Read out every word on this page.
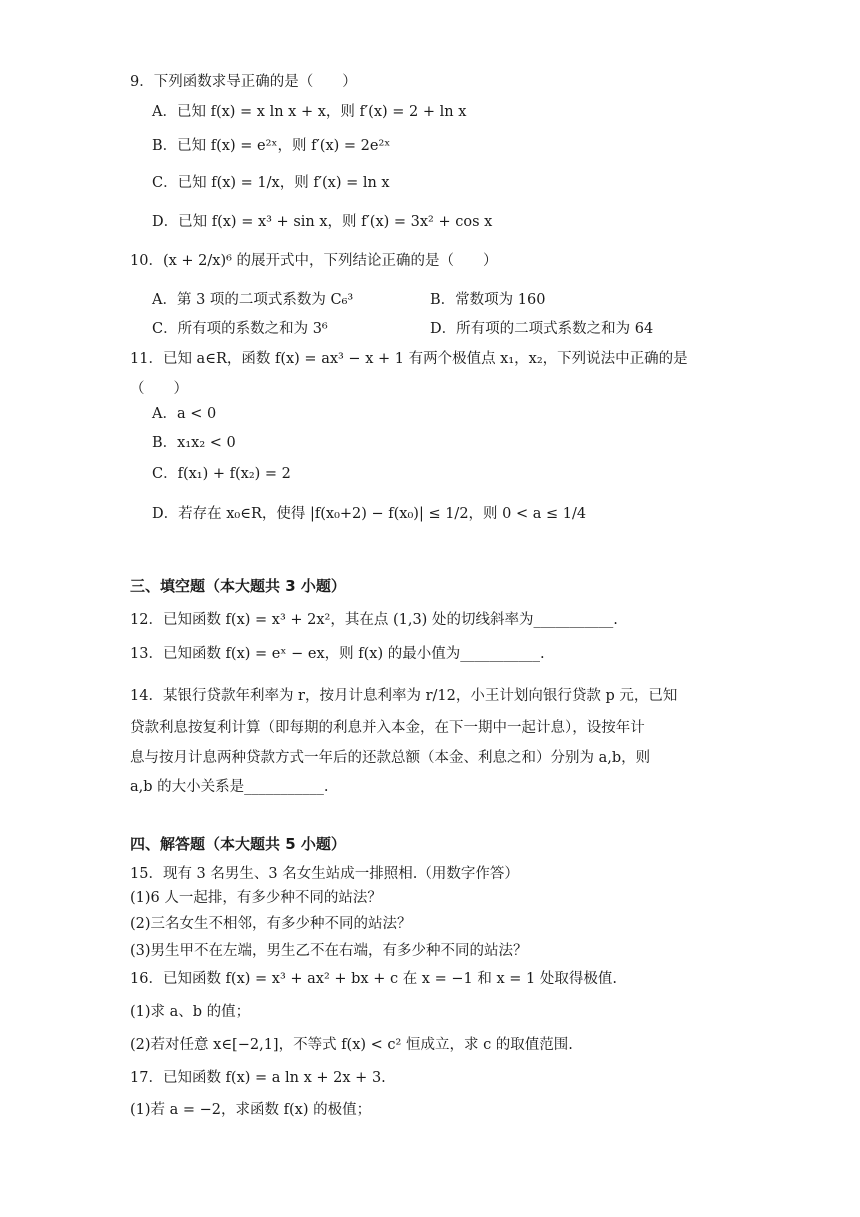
9．下列函数求导正确的是（　　）
A．已知 f(x) = x ln x + x，则 f′(x) = 2 + ln x
B．已知 f(x) = e²ˣ，则 f′(x) = 2e²ˣ
C．已知 f(x) = 1/x，则 f′(x) = ln x
D．已知 f(x) = x³ + sin x，则 f′(x) = 3x² + cos x
10．(x + 2/x)⁶ 的展开式中，下列结论正确的是（　　）
A．第 3 项的二项式系数为 C₆³	B．常数项为 160
C．所有项的系数之和为 3⁶	D．所有项的二项式系数之和为 64
11．已知 a∈R，函数 f(x) = ax³ − x + 1 有两个极值点 x₁，x₂，下列说法中正确的是
（　　）
A．a < 0
B．x₁x₂ < 0
C．f(x₁) + f(x₂) = 2
D．若存在 x₀∈R，使得 |f(x₀+2) − f(x₀)| ≤ 1/2，则 0 < a ≤ 1/4
三、填空题（本大题共 3 小题）
12．已知函数 f(x) = x³ + 2x²，其在点 (1,3) 处的切线斜率为___________.
13．已知函数 f(x) = eˣ − ex，则 f(x) 的最小值为___________.
14．某银行贷款年利率为 r，按月计息利率为 r/12，小王计划向银行贷款 p 元，已知
贷款利息按复利计算（即每期的利息并入本金，在下一期中一起计息），设按年计
息与按月计息两种贷款方式一年后的还款总额（本金、利息之和）分别为 a,b，则
a,b 的大小关系是___________.
四、解答题（本大题共 5 小题）
15．现有 3 名男生、3 名女生站成一排照相.（用数字作答）
(1)6 人一起排，有多少种不同的站法？
(2)三名女生不相邻，有多少种不同的站法？
(3)男生甲不在左端，男生乙不在右端，有多少种不同的站法？
16．已知函数 f(x) = x³ + ax² + bx + c 在 x = −1 和 x = 1 处取得极值.
(1)求 a、b 的值；
(2)若对任意 x∈[−2,1]，不等式 f(x) < c² 恒成立，求 c 的取值范围.
17．已知函数 f(x) = a ln x + 2x + 3.
(1)若 a = −2，求函数 f(x) 的极值；
